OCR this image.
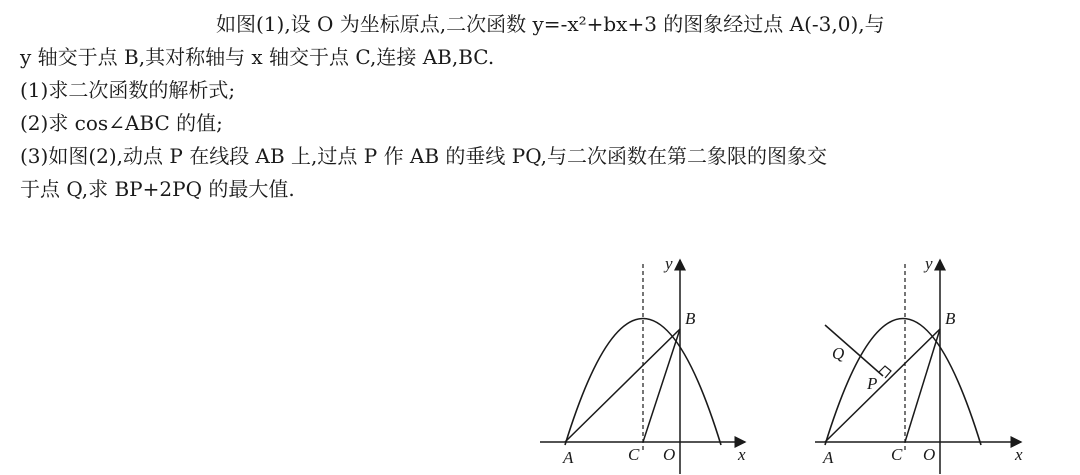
如图(1),设 O 为坐标原点,二次函数 y=-x²+bx+3 的图象经过点 A(-3,0),与
y 轴交于点 B,其对称轴与 x 轴交于点 C,连接 AB,BC.
(1)求二次函数的解析式;
(2)求 cos∠ABC 的值;
(3)如图(2),动点 P 在线段 AB 上,过点 P 作 AB 的垂线 PQ,与二次函数在第二象限的图象交
于点 Q,求 BP+2PQ 的最大值.
y
x
B
A	C O
y
x
B
A	C O
Q
P
